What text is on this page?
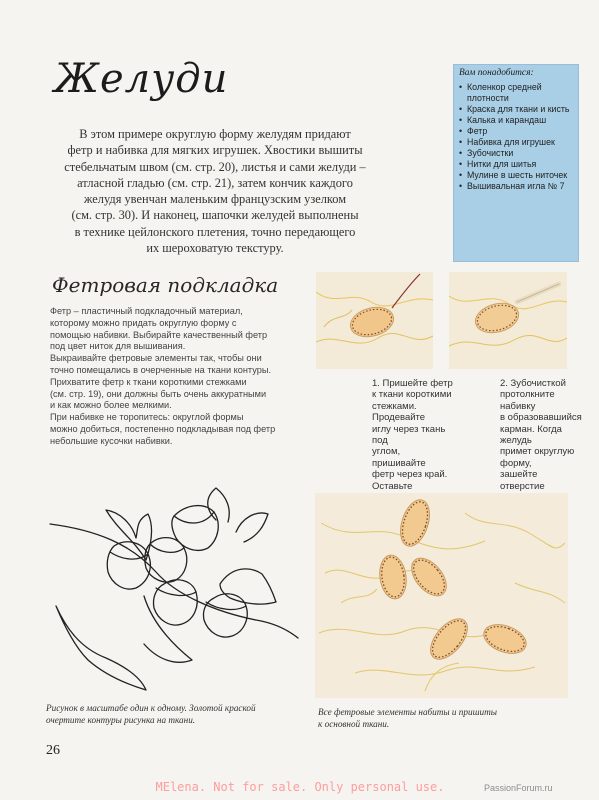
Желуди
В этом примере округлую форму желудям придают
фетр и набивка для мягких игрушек. Хвостики вышиты
стебельчатым швом (см. стр. 20), листья и сами желуди –
атласной гладью (см. стр. 21), затем кончик каждого
желудя увенчан маленьким французским узелком
(см. стр. 30). И наконец, шапочки желудей выполнены
в технике цейлонского плетения, точно передающего
их шероховатую текстуру.
Вам понадобится:
• Коленкор средней плотности
• Краска для ткани и кисть
• Калька и карандаш
• Фетр
• Набивка для игрушек
• Зубочистки
• Нитки для шитья
• Мулине в шесть ниточек
• Вышивальная игла № 7
Фетровая подкладка

Фетр – пластичный подкладочный материал,

которому можно придать округлую форму с

помощью набивки. Выбирайте качественный фетр

под цвет ниток для вышивания.

Выкраивайте фетровые элементы так, чтобы они

точно помещались в очерченные на ткани контуры.

Прихватите фетр к ткани короткими стежками

(см. стр. 19), они должны быть очень аккуратными

и как можно более мелкими.

При набивке не торопитесь: округлой формы

можно добиться, постепенно подкладывая под фетр

небольшие кусочки набивки.

1. Пришейте фетр
к ткани короткими
стежками. Продевайте
иглу через ткань под
углом, пришивайте
фетр через край.
Оставьте
2. Зубочисткой
протолкните набивку
в образовавшийся
карман. Когда желудь
примет округлую форму,
зашейте отверстие
Рисунок в масштабе один к одному. Золотой краской
очертите контуры рисунка на ткани.
Все фетровые элементы набиты и пришиты
к основной ткани.
26
MElena. Not for sale. Only personal use.	PassionForum.ru
